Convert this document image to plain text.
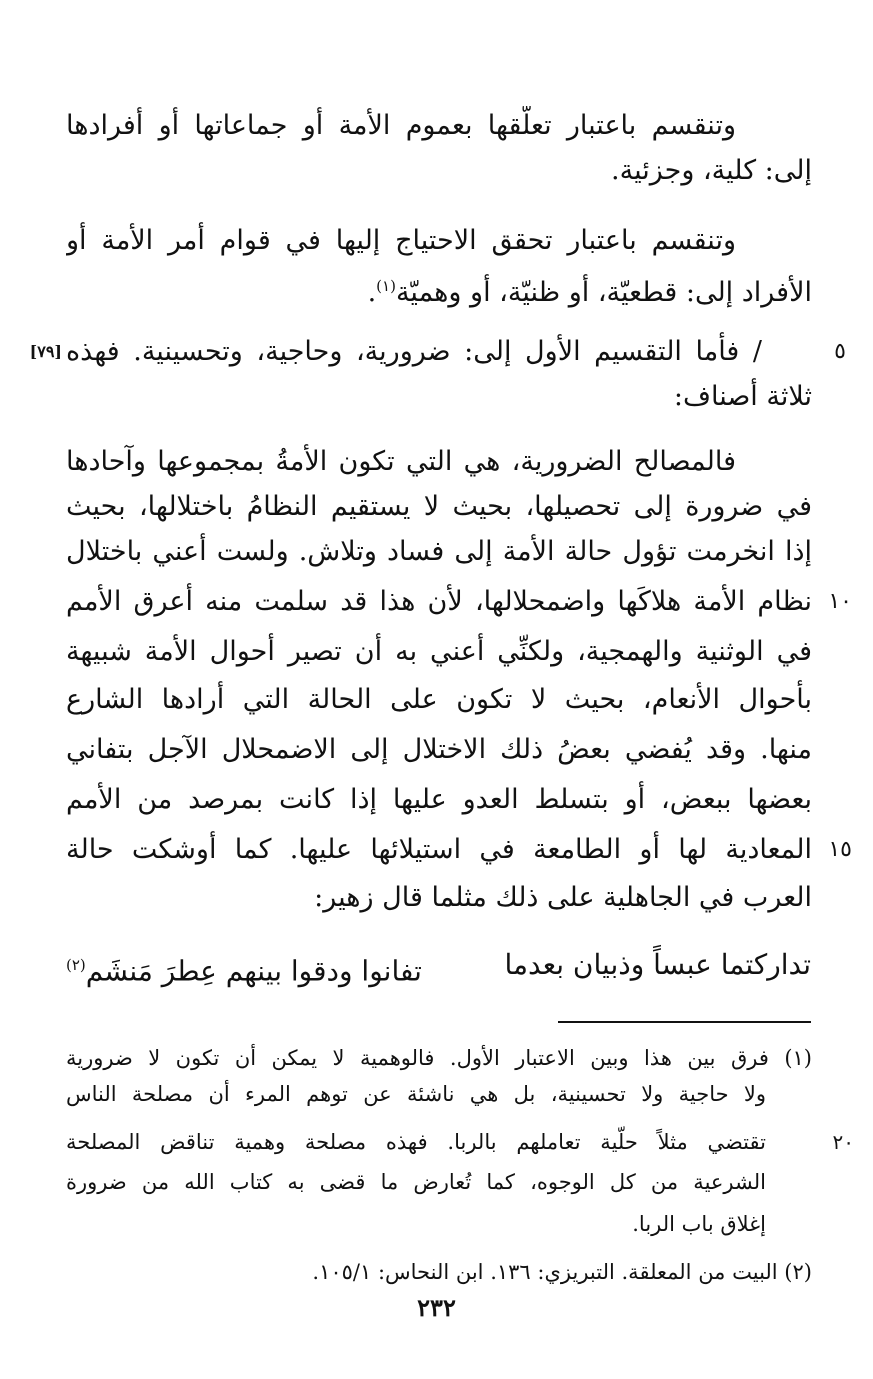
وتنقسم باعتبار تعلّقها بعموم الأمة أو جماعاتها أو أفرادها
إلى: كلية، وجزئية.
وتنقسم باعتبار تحقق الاحتياج إليها في قوام أمر الأمة أو
الأفراد إلى: قطعيّة، أو ظنيّة، أو وهميّة$^{(١)}$.
٥
/ فأما التقسيم الأول إلى: ضرورية، وحاجية، وتحسينية. فهذه
[٧٩]
ثلاثة أصناف:
فالمصالح الضرورية، هي التي تكون الأمةُ بمجموعها وآحادها
في ضرورة إلى تحصيلها، بحيث لا يستقيم النظامُ باختلالها، بحيث
إذا انخرمت تؤول حالة الأمة إلى فساد وتلاش. ولست أعني باختلال
١٠
نظام الأمة هلاكَها واضمحلالها، لأن هذا قد سلمت منه أعرق الأمم
في الوثنية والهمجية، ولكنِّي أعني به أن تصير أحوال الأمة شبيهة
بأحوال الأنعام، بحيث لا تكون على الحالة التي أرادها الشارع
منها. وقد يُفضي بعضُ ذلك الاختلال إلى الاضمحلال الآجل بتفاني
بعضها ببعض، أو بتسلط العدو عليها إذا كانت بمرصد من الأمم
١٥
المعادية لها أو الطامعة في استيلائها عليها. كما أوشكت حالة
العرب في الجاهلية على ذلك مثلما قال زهير:
تداركتما عبساً وذبيان بعدما
تفانوا ودقوا بينهم عِطرَ مَنشَم$^{(٢)}$
(١) فرق بين هذا وبين الاعتبار الأول. فالوهمية لا يمكن أن تكون لا ضرورية
ولا حاجية ولا تحسينية، بل هي ناشئة عن توهم المرء أن مصلحة الناس
٢٠
تقتضي مثلاً حلّية تعاملهم بالربا. فهذه مصلحة وهمية تناقض المصلحة
الشرعية من كل الوجوه، كما تُعارض ما قضى به كتاب الله من ضرورة
إغلاق باب الربا.
(٢) البيت من المعلقة. التبريزي: ١٣٦. ابن النحاس: ١٠٥/١.
٢٣٢
